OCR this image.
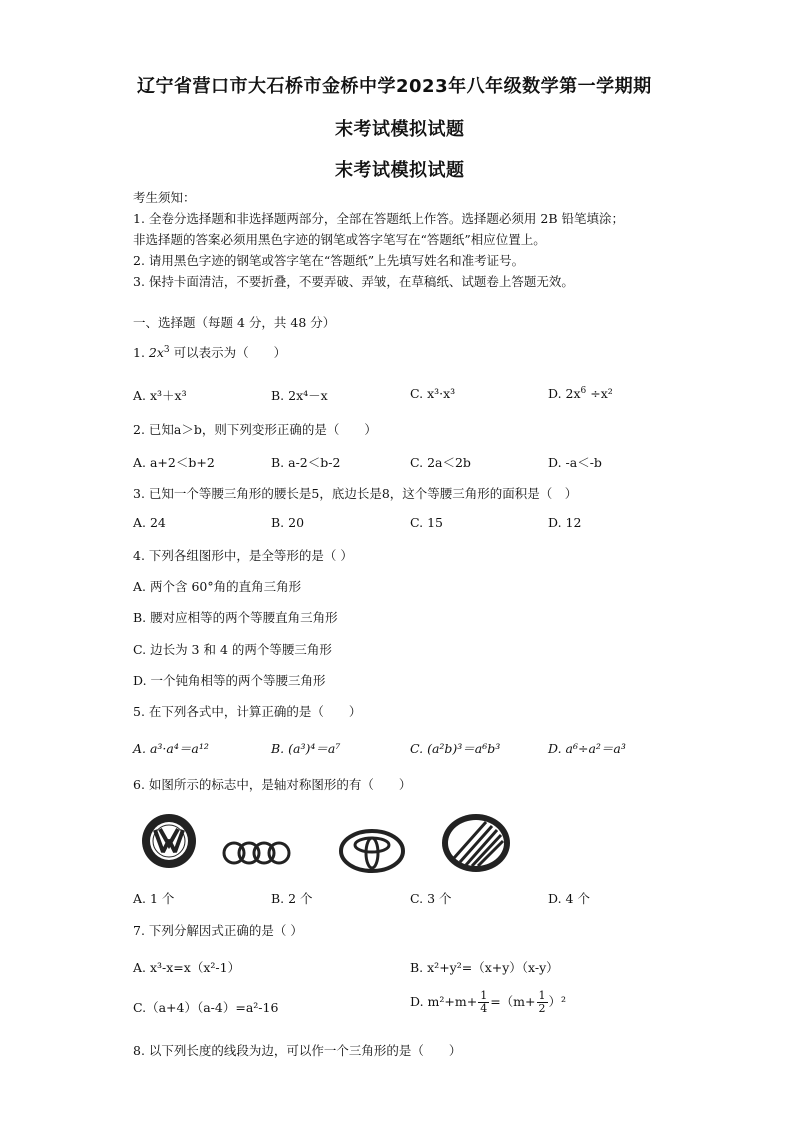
辽宁省营口市大石桥市金桥中学2023年八年级数学第一学期期
末考试模拟试题
末考试模拟试题
考生须知：
1. 全卷分选择题和非选择题两部分，全部在答题纸上作答。选择题必须用 2B 铅笔填涂；
非选择题的答案必须用黑色字迹的钢笔或答字笔写在“答题纸”相应位置上。
2. 请用黑色字迹的钢笔或答字笔在“答题纸”上先填写姓名和准考证号。
3. 保持卡面清洁，不要折叠，不要弄破、弄皱，在草稿纸、试题卷上答题无效。
一、选择题（每题 4 分，共 48 分）
1. $2x^3$ 可以表示为（　　）
A. x³＋x³	B. 2x⁴－x	C. x³·x³	D. $2x^6 \div x^2$
2. 已知a＞b，则下列变形正确的是（　　）
A. a+2＜b+2	B. a-2＜b-2	C. 2a＜2b	D. -a＜-b
3. 已知一个等腰三角形的腰长是5，底边长是8，这个等腰三角形的面积是（　）
A. 24	B. 20	C. 15	D. 12
4. 下列各组图形中，是全等形的是（ ）
A. 两个含 60°角的直角三角形
B. 腰对应相等的两个等腰直角三角形
C. 边长为 3 和 4 的两个等腰三角形
D. 一个钝角相等的两个等腰三角形
5. 在下列各式中，计算正确的是（　　）
A. a³·a⁴＝a¹²	B. (a³)⁴＝a⁷	C. (a²b)³＝a⁶b³	D. a⁶÷a²＝a³
6. 如图所示的标志中，是轴对称图形的有（　　）
A. 1 个	B. 2 个	C. 3 个	D. 4 个
7. 下列分解因式正确的是（ ）
A. x³-x=x（x²-1）	B. x²+y²=（x+y）（x-y）
C.（a+4）（a-4）=a²-16	D. $m^2+m+ \frac{1}{4} =(m+ \frac{1}{2} )^2$
8. 以下列长度的线段为边，可以作一个三角形的是（　　）
